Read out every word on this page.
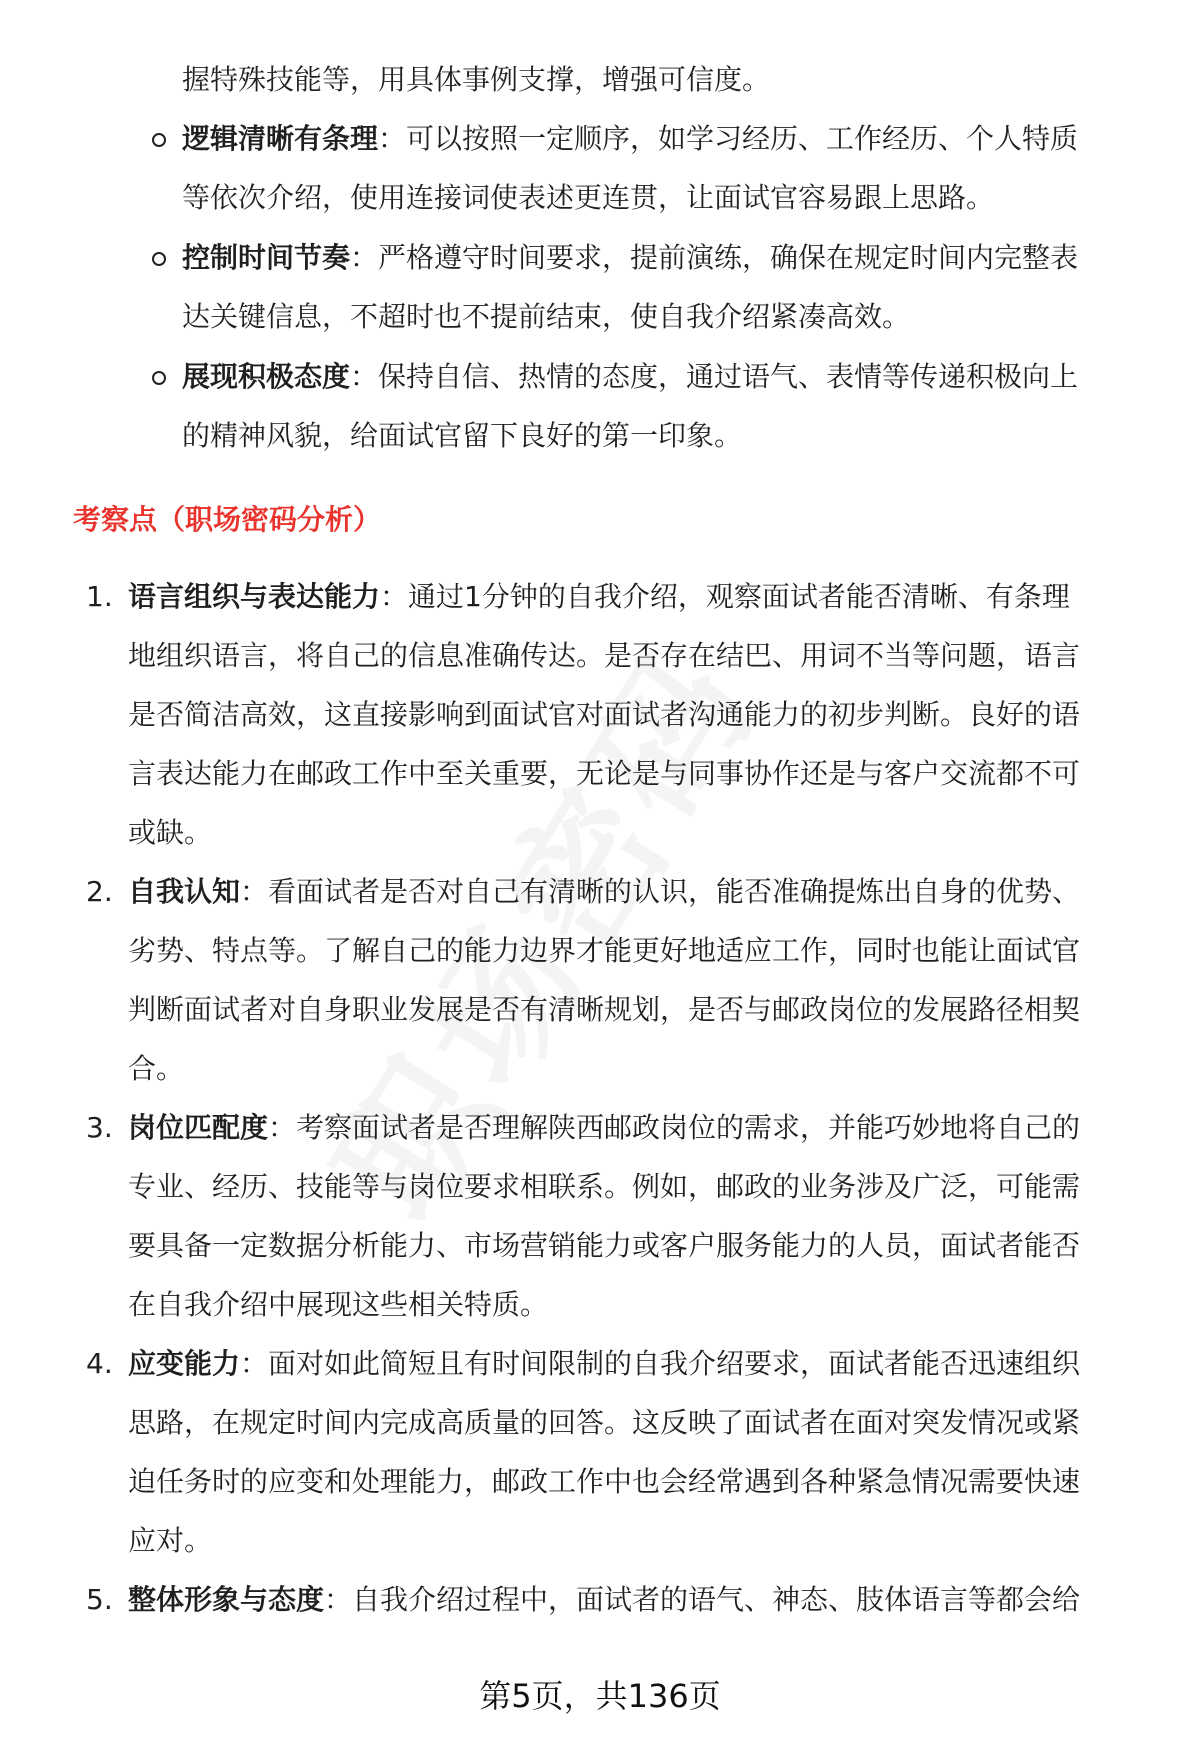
握特殊技能等，用具体事例支撑，增强可信度。
逻辑清晰有条理：可以按照一定顺序，如学习经历、工作经历、个人特质
等依次介绍，使用连接词使表述更连贯，让面试官容易跟上思路。
控制时间节奏：严格遵守时间要求，提前演练，确保在规定时间内完整表
达关键信息，不超时也不提前结束，使自我介绍紧凑高效。
展现积极态度：保持自信、热情的态度，通过语气、表情等传递积极向上
的精神风貌，给面试官留下良好的第一印象。
考察点（职场密码分析）
1. 语言组织与表达能力：通过1分钟的自我介绍，观察面试者能否清晰、有条理
地组织语言，将自己的信息准确传达。是否存在结巴、用词不当等问题，语言
是否简洁高效，这直接影响到面试官对面试者沟通能力的初步判断。良好的语
言表达能力在邮政工作中至关重要，无论是与同事协作还是与客户交流都不可
或缺。
2. 自我认知：看面试者是否对自己有清晰的认识，能否准确提炼出自身的优势、
劣势、特点等。了解自己的能力边界才能更好地适应工作，同时也能让面试官
判断面试者对自身职业发展是否有清晰规划，是否与邮政岗位的发展路径相契
合。
3. 岗位匹配度：考察面试者是否理解陕西邮政岗位的需求，并能巧妙地将自己的
专业、经历、技能等与岗位要求相联系。例如，邮政的业务涉及广泛，可能需
要具备一定数据分析能力、市场营销能力或客户服务能力的人员，面试者能否
在自我介绍中展现这些相关特质。
4. 应变能力：面对如此简短且有时间限制的自我介绍要求，面试者能否迅速组织
思路，在规定时间内完成高质量的回答。这反映了面试者在面对突发情况或紧
迫任务时的应变和处理能力，邮政工作中也会经常遇到各种紧急情况需要快速
应对。
5. 整体形象与态度：自我介绍过程中，面试者的语气、神态、肢体语言等都会给
第5页，共136页
